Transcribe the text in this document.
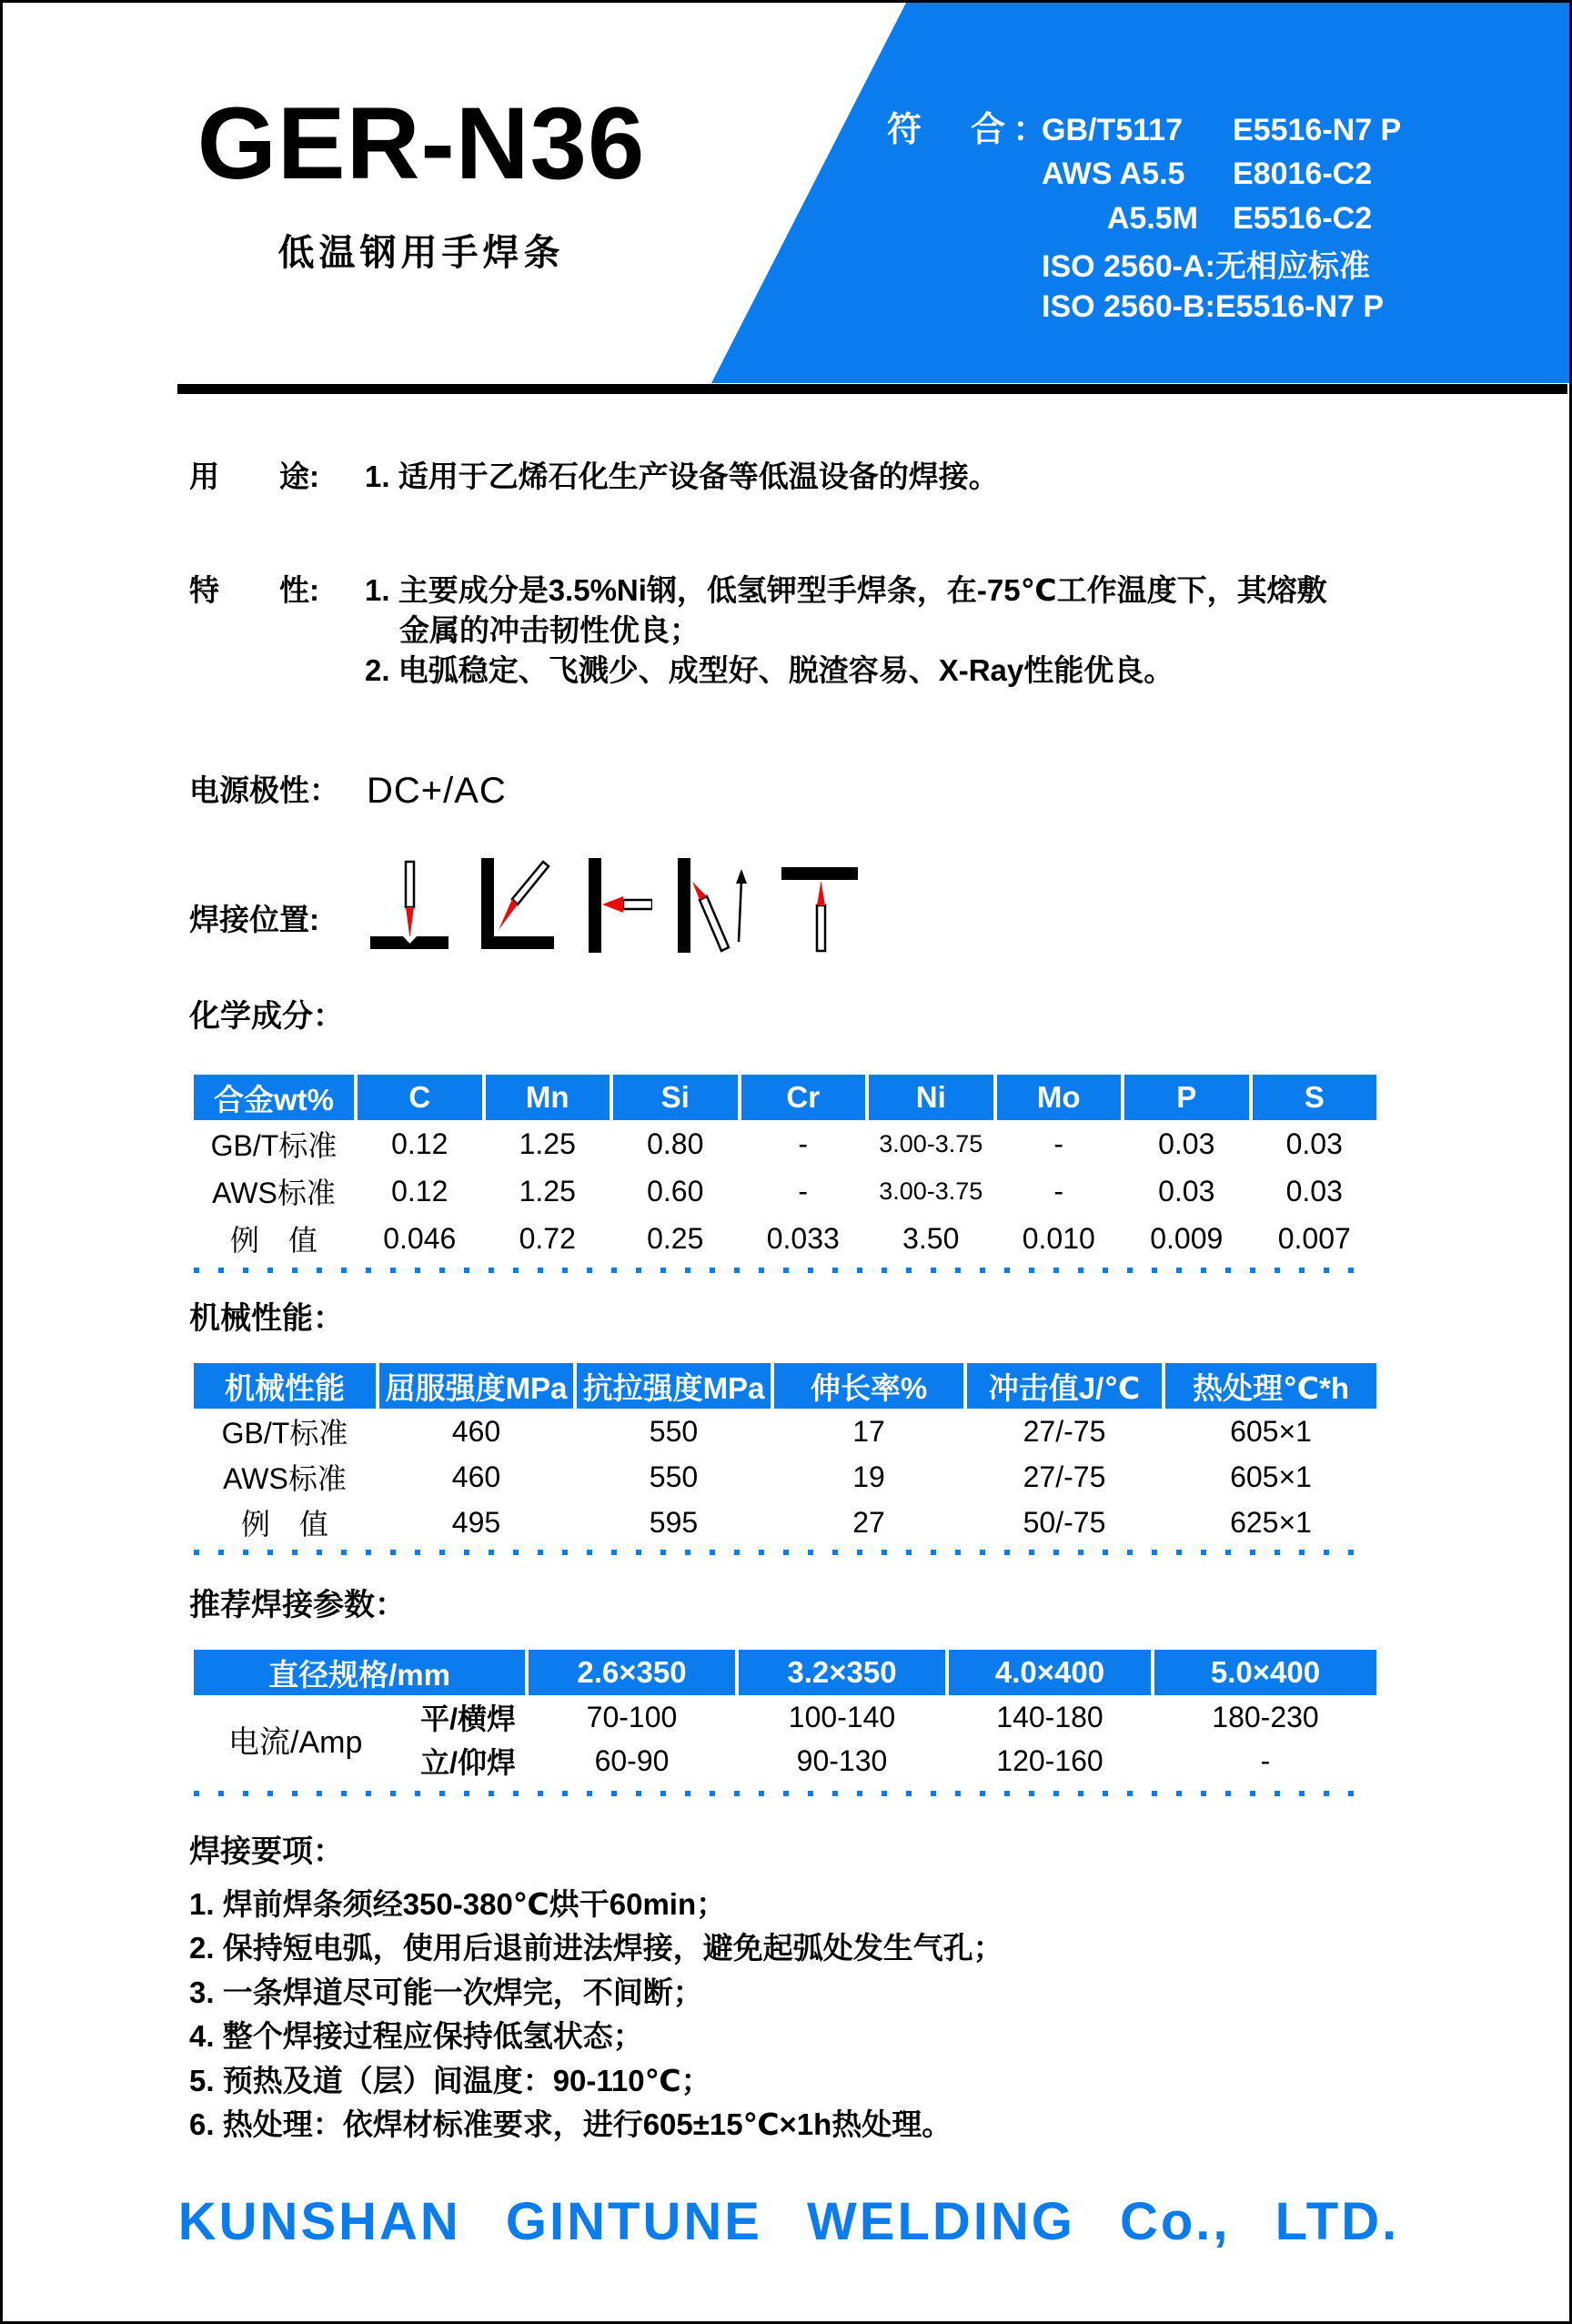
符　合：
GB/T5117	E5516-N7 P
AWS A5.5	E8016-C2
A5.5M E5516-C2
ISO 2560-A:无相应标准
ISO 2560-B:E5516-N7 P
GER-N36
低温钢用手焊条
用　　途: 1. 适用于乙烯石化生产设备等低温设备的焊接。
特　　性: 1. 主要成分是3.5%Ni钢，低氢钾型手焊条，在-75℃工作温度下，其熔敷
金属的冲击韧性优良；
2. 电弧稳定、飞溅少、成型好、脱渣容易、X-Ray性能优良。
电源极性： DC+/AC
焊接位置:
化学成分：
合金wt%	C	Mn	Si	Cr	Ni	Mo	P	S
GB/T标准	0.12	1.25	0.80	-	3.00-3.75	-	0.03	0.03
AWS标准	0.12	1.25	0.60	-	3.00-3.75	-	0.03	0.03
例　值	0.046	0.72	0.25	0.033	3.50	0.010	0.009	0.007
机械性能：
机械性能	屈服强度MPa 抗拉强度MPa	伸长率%	冲击值J/℃	热处理℃*h
GB/T标准	460	550	17	27/-75	605×1
AWS标准	460	550	19	27/-75	605×1
例　值	495	595	27	50/-75	625×1
推荐焊接参数：
直径规格/mm	2.6×350	3.2×350	4.0×400	5.0×400
平/横焊	70-100	100-140	140-180	180-230
立/仰焊	60-90	90-130	120-160	-
电流/Amp
焊接要项：
1. 焊前焊条须经350-380℃烘干60min；
2. 保持短电弧，使用后退前进法焊接，避免起弧处发生气孔；
3. 一条焊道尽可能一次焊完，不间断；
4. 整个焊接过程应保持低氢状态；
5. 预热及道（层）间温度：90-110℃；
6. 热处理：依焊材标准要求，进行605±15℃×1h热处理。
KUNSHAN GINTUNE WELDING Co., LTD.
